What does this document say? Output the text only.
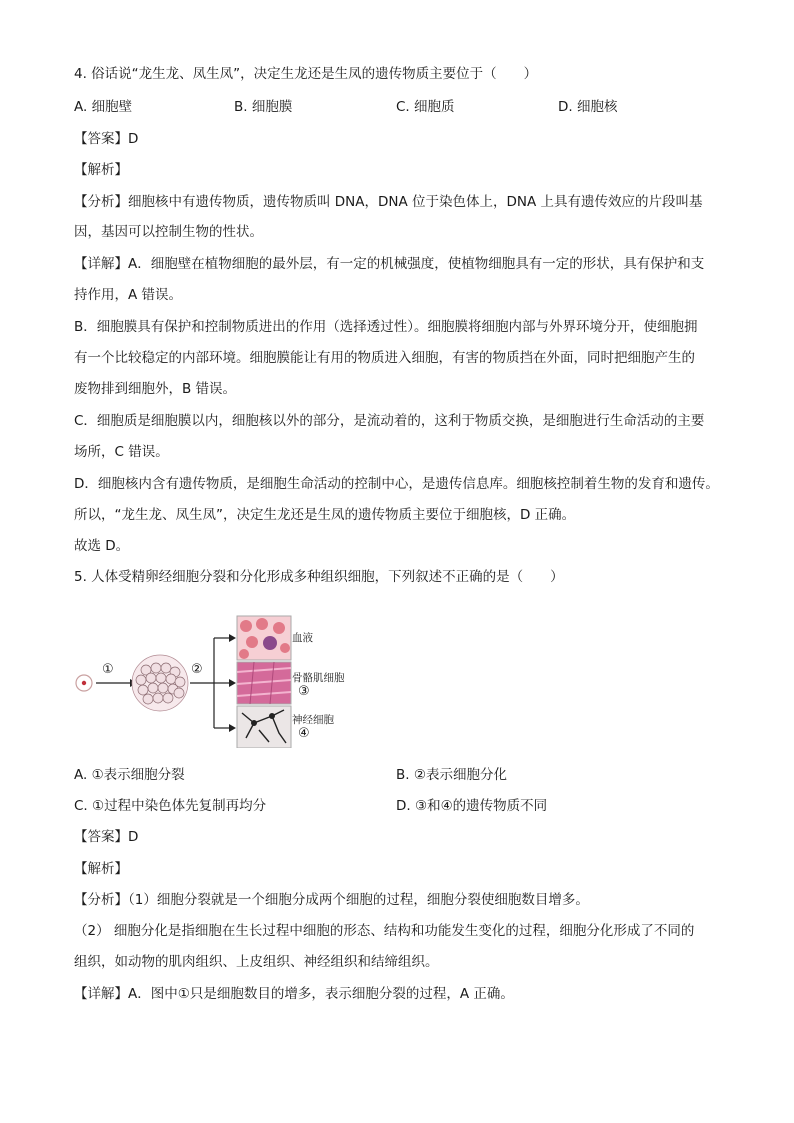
4. 俗话说“龙生龙、凤生凤”，决定生龙还是生凤的遗传物质主要位于（　　）
A. 细胞壁	B. 细胞膜	C. 细胞质	D. 细胞核
【答案】D
【解析】
【分析】细胞核中有遗传物质，遗传物质叫 DNA，DNA 位于染色体上，DNA 上具有遗传效应的片段叫基
因，基因可以控制生物的性状。
【详解】A．细胞壁在植物细胞的最外层，有一定的机械强度，使植物细胞具有一定的形状，具有保护和支
持作用，A 错误。
B．细胞膜具有保护和控制物质进出的作用（选择透过性）。细胞膜将细胞内部与外界环境分开，使细胞拥
有一个比较稳定的内部环境。细胞膜能让有用的物质进入细胞，有害的物质挡在外面，同时把细胞产生的
废物排到细胞外，B 错误。
C．细胞质是细胞膜以内，细胞核以外的部分，是流动着的，这利于物质交换，是细胞进行生命活动的主要
场所，C 错误。
D．细胞核内含有遗传物质，是细胞生命活动的控制中心，是遗传信息库。细胞核控制着生物的发育和遗传。
所以，“龙生龙、凤生凤”，决定生龙还是生凤的遗传物质主要位于细胞核，D 正确。
故选 D。
5. 人体受精卵经细胞分裂和分化形成多种组织细胞，下列叙述不正确的是（　　）
①	②
血液
骨骼肌细胞
③
神经细胞
④
A. ①表示细胞分裂	B. ②表示细胞分化
C. ①过程中染色体先复制再均分	D. ③和④的遗传物质不同
【答案】D
【解析】
【分析】（1）细胞分裂就是一个细胞分成两个细胞的过程，细胞分裂使细胞数目增多。
（2） 细胞分化是指细胞在生长过程中细胞的形态、结构和功能发生变化的过程，细胞分化形成了不同的
组织，如动物的肌肉组织、上皮组织、神经组织和结缔组织。
【详解】A．图中①只是细胞数目的增多，表示细胞分裂的过程，A 正确。
